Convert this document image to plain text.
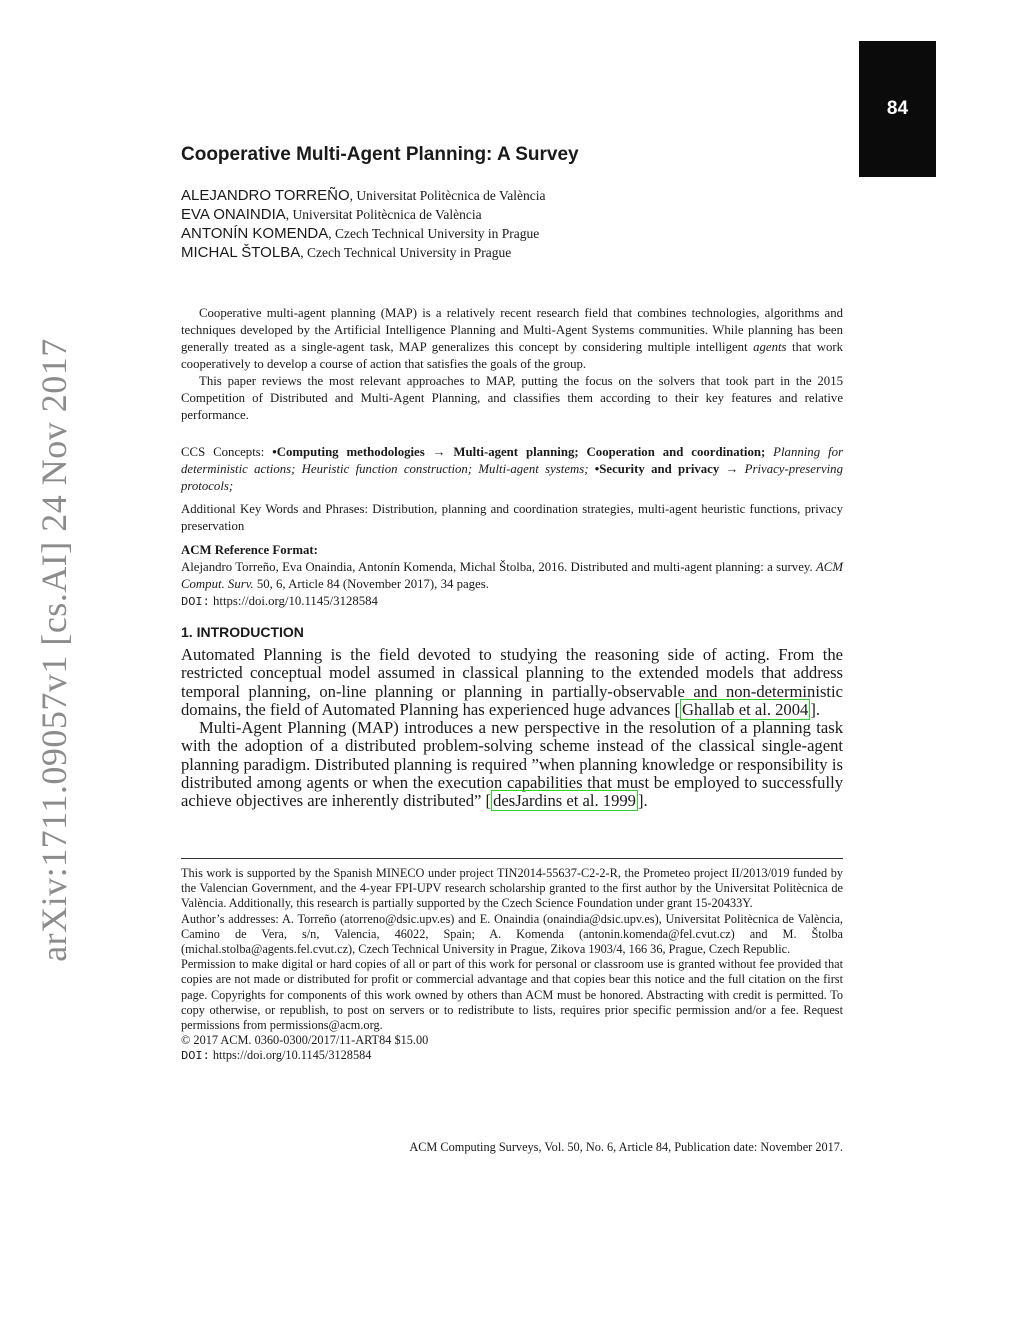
84
arXiv:1711.09057v1 [cs.AI] 24 Nov 2017
Cooperative Multi-Agent Planning: A Survey
ALEJANDRO TORREÑO, Universitat Politècnica de València
EVA ONAINDIA, Universitat Politècnica de València
ANTONÍN KOMENDA, Czech Technical University in Prague
MICHAL ŠTOLBA, Czech Technical University in Prague

Cooperative multi-agent planning (MAP) is a relatively recent research field that combines technologies, algorithms and techniques developed by the Artificial Intelligence Planning and Multi-Agent Systems communities. While planning has been generally treated as a single-agent task, MAP generalizes this concept by considering multiple intelligent agents that work cooperatively to develop a course of action that satisfies the goals of the group.

This paper reviews the most relevant approaches to MAP, putting the focus on the solvers that took part in the 2015 Competition of Distributed and Multi-Agent Planning, and classifies them according to their key features and relative performance.

CCS Concepts: •Computing methodologies → Multi-agent planning; Cooperation and coordination; Planning for deterministic actions; Heuristic function construction; Multi-agent systems; •Security and privacy → Privacy-preserving protocols;

Additional Key Words and Phrases: Distribution, planning and coordination strategies, multi-agent heuristic functions, privacy preservation

ACM Reference Format:

Alejandro Torreño, Eva Onaindia, Antonín Komenda, Michal Štolba, 2016. Distributed and multi-agent planning: a survey. ACM Comput. Surv. 50, 6, Article 84 (November 2017), 34 pages.
DOI: https://doi.org/10.1145/3128584

1. INTRODUCTION

Automated Planning is the field devoted to studying the reasoning side of acting. From the restricted conceptual model assumed in classical planning to the extended models that address temporal planning, on-line planning or planning in partially-observable and non-deterministic domains, the field of Automated Planning has experienced huge advances [ Ghallab et al. 2004 ].

Multi-Agent Planning (MAP) introduces a new perspective in the resolution of a planning task with the adoption of a distributed problem-solving scheme instead of the classical single-agent planning paradigm. Distributed planning is required ”when planning knowledge or responsibility is distributed among agents or when the execution capabilities that must be employed to successfully achieve objectives are inherently distributed” [ desJardins et al. 1999 ].

This work is supported by the Spanish MINECO under project TIN2014-55637-C2-2-R, the Prometeo project II/2013/019 funded by the Valencian Government, and the 4-year FPI-UPV research scholarship granted to the first author by the Universitat Politècnica de València. Additionally, this research is partially supported by the Czech Science Foundation under grant 15-20433Y.

Author’s addresses: A. Torreño (atorreno@dsic.upv.es) and E. Onaindia (onaindia@dsic.upv.es), Universitat Politècnica de València, Camino de Vera, s/n, Valencia, 46022, Spain; A. Komenda (antonin.komenda@fel.cvut.cz) and M. Štolba (michal.stolba@agents.fel.cvut.cz), Czech Technical University in Prague, Zikova 1903/4, 166 36, Prague, Czech Republic.

Permission to make digital or hard copies of all or part of this work for personal or classroom use is granted without fee provided that copies are not made or distributed for profit or commercial advantage and that copies bear this notice and the full citation on the first page. Copyrights for components of this work owned by others than ACM must be honored. Abstracting with credit is permitted. To copy otherwise, or republish, to post on servers or to redistribute to lists, requires prior specific permission and/or a fee. Request permissions from permissions@acm.org.

© 2017 ACM. 0360-0300/2017/11-ART84 $15.00

DOI: https://doi.org/10.1145/3128584

ACM Computing Surveys, Vol. 50, No. 6, Article 84, Publication date: November 2017.
